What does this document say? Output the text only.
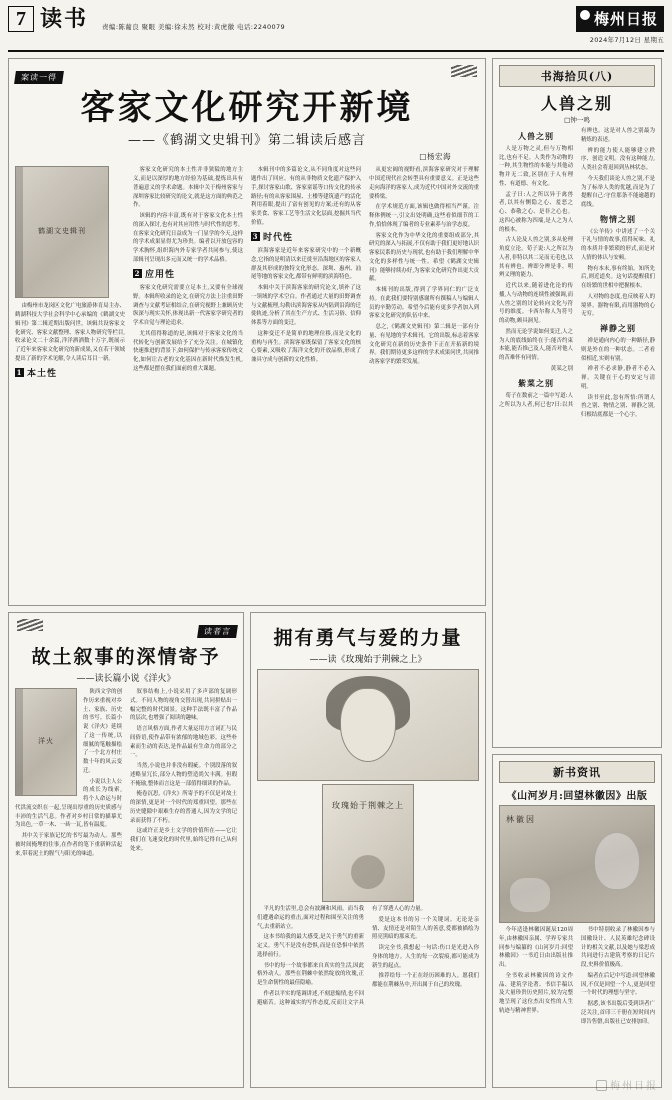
7 读书 责编:陈葡良 聚眼 美编:徐未然 校对:黄虎徽 电话:2240079	梅州日报
2024年7月12日 星期五
案读一得
客家文化研究开新境
——《鹤湖文史辑刊》第二辑读后感言
□杨宏海
鹤湖文史辑刊

由梅州市龙岗区文化广电旅游体育局主办、鹤湖科技大学社会科学中心承编的《鹤湖文史辑刊》第二辑近期出版问世。该辑共设客家文化研究、客家文献整理、客家人物研究等栏目,收录论文二十余篇,洋洋洒洒数十万字,既展示了近年来客家文化研究的新成果,又在若干领域提出了新的学术见解,令人读后耳目一新。

1 本土性

客家文化研究的本土性并非狭隘的地方主义,而是以深厚的地方经验为基础,提炼出具有普遍意义的学术命题。本辑中关于梅州客家与深圳客家比较研究的论文,就是这方面的典范之作。

该辑的内容丰富,既有对于客家文化本土性的深入探讨,也有对其应用性与时代性的思考。在客家文化研究日益成为一门显学的今天,这样的学术成果显得尤为珍贵。编者以开放包容的学术胸怀,组织海内外专家学者共同参与,使这部辑刊呈现出多元而又统一的学术品格。

2 应用性

客家文化研究需要立足本土,又要有全球视野。本辑所收录的论文,在研究方法上注重田野调查与文献考证相结合,在研究视野上兼顾历史纵深与现实关怀,体现出新一代客家学研究者的学术自觉与理论追求。

尤其值得称道的是,该辑对于客家文化的当代转化与创新发展给予了充分关注。在城镇化快速推进的背景下,如何保护与传承客家传统文化,如何让古老的文化基因在新时代焕发生机,这些都是摆在我们面前的重大课题。

本辑刊中的多篇论文,从不同角度对这些问题作出了回应。有的从非物质文化遗产保护入手,探讨客家山歌、客家童谣等口传文化的传承路径;有的从客家围屋、土楼等建筑遗产的活化利用着眼,提出了富有创见的方案;还有的从客家美食、客家工艺等生活文化层面,挖掘其当代价值。

3 时代性

滨海客家是近年来客家研究中的一个新概念,它指的是明清以来迁徙至沿海地区的客家人群及其形成的独特文化形态。深圳、惠州、汕尾等地的客家文化,都带有鲜明的滨海特色。

本辑中关于滨海客家的研究论文,填补了这一领域的学术空白。作者通过大量的田野调查与文献梳理,勾勒出滨海客家从内陆到沿海的迁徙轨迹,分析了其在生产方式、生活习俗、信仰体系等方面的变迁。

这种变迁不是简单的地理位移,而是文化的重构与再生。滨海客家既保留了客家文化的核心要素,又吸收了海洋文化的开放品格,形成了兼具守成与创新的文化性格。

从更宏阔的视野看,滨海客家研究对于理解中国近现代社会转型具有重要意义。正是这些走向海洋的客家人,成为近代中国对外交流的重要桥梁。

在学术规范方面,该辑也做得相当严谨。注释体例统一,引文出处明确,这些看似细节的工作,恰恰体现了编者的专业素养与治学态度。

客家文化作为中华文化的重要组成部分,其研究的深入与拓展,不仅有助于我们更好地认识客家民系的历史与现状,也有助于我们理解中华文化的多样性与统一性。希望《鹤湖文史辑刊》能够持续办好,为客家文化研究作出更大贡献。

本辑刊的出版,得到了学界同仁的广泛支持。在此我们要特别感谢所有撰稿人与编辑人员的辛勤劳动。希望今后能有更多学者加入到客家文化研究的队伍中来。

总之,《鹤湖文史辑刊》第二辑是一部有分量、有见地的学术辑刊。它的出版,标志着客家文化研究在新的历史条件下正在开拓新的境界。我们期待更多这样的学术成果问世,共同推动客家学的繁荣发展。

读者言
故土叙事的深情寄予
——读长篇小说《洋火》
洋火

陕西文学的创作历来重视对乡土、家族、历史的书写。长篇小说《洋火》延续了这一传统,以细腻的笔触描绘了一个北方村庄数十年的风云变迁。

小说以主人公的成长为线索,将个人命运与时代洪流交织在一起,呈现出厚重的历史质感与丰沛的生活气息。作者对乡村日常的描摹尤为出色,一草一木、一砖一瓦,皆有温度。

其中关于家族记忆的书写最为动人。那些被时间掩埋的往事,在作者的笔下重新鲜活起来,带着泥土的腥气与阳光的味道。

叙事结构上,小说采用了多声部的复调形式。不同人物的视角交替出现,共同拼贴出一幅完整的时代图景。这种手法既丰富了作品的层次,也增强了阅读的趣味。

语言风格方面,作者大量运用方言词汇与民间俗语,使作品带有浓郁的地域色彩。这些朴素而生动的表达,是作品最有生命力的部分之一。

当然,小说也并非没有瑕疵。个别段落的叙述略显冗长,部分人物的塑造尚欠丰满。但瑕不掩瑜,整体而言这是一部值得细读的作品。

掩卷沉思,《洋火》所寄予的不仅是对故土的深情,更是对一个时代的郑重回望。那些在历史缝隙中艰难生存的普通人,因为文学的记录而获得了不朽。

这或许正是乡土文学的价值所在——它让我们在飞速变化的时代里,始终记得自己从何处来。

拥有勇气与爱的力量
——读《玫瑰始于荆棘之上》
玫瑰始于荆棘之上

平凡的生活里,总会有波澜和风雨。而当我们遭遇命运的重击,面对过程和围至关注的勇气,去重新站立。

这本书给我的最大感受,是关于勇气的重新定义。勇气不是没有恐惧,而是在恐惧中依然选择前行。

书中的每一个故事都来自真实的生活,因此格外动人。那些在荆棘中依然绽放的玫瑰,正是生命韧性的最佳隐喻。

作者以平实的笔调讲述,不刻意煽情,也不回避痛苦。这种诚实的写作态度,反而让文字具有了穿透人心的力量。

爱是这本书的另一个关键词。无论是亲情、友情还是对陌生人的善意,爱都被描绘为照亮黑暗的那束光。

读完全书,我想起一句话:伤口是光进入你身体的地方。人生的每一次裂痕,都可能成为新生的起点。

推荐给每一个正在经历困难的人。愿我们都能在荆棘丛中,开出属于自己的玫瑰。

书海拾贝(八)
人兽之别
□钟一鸣
人兽之别

人是万物之灵,但与万物相比,也有不足。人类作为动物的一种,其生物性的本能与其他动物并无二致,区别在于人有理性、有道德、有文化。

孟子曰:人之所以异于禽兽者,以其有恻隐之心、羞恶之心、恭敬之心、是非之心也。这四心被称为四端,是人之为人的根本。

古人论及人兽之别,多从伦理角度立论。荀子说:人之所以为人者,非特以其二足而无毛也,以其有辨也。辨即分辨是非、明辨义理的能力。

近代以来,随着进化论的传播,人与动物的连续性被强调,而人兽之别的讨论转向文化与符号的维度。卡西尔称人为符号的动物,颇具洞见。

然而无论学说如何变迁,人之为人的底线始终在于:能否约束本能,能否推己及人,能否对他人的苦难怀有同情。

黄某之别
紫菜之别

荀子在数前之一篇中写道:人之所以为人者,何已也?曰:以其有辨也。这是对人兽之别最为精炼的表述。

辨的能力使人能够建立秩序、创造文明。没有这种能力,人类社会将退回到丛林状态。

今天我们谈论人兽之别,不是为了标举人类的优越,而是为了提醒自己:守住那条不能逾越的底线。

物情之别

《公羊传》中讲述了一个关于礼与情的故事,值得玩味。礼的本质并非繁琐的形式,而是对人情的体认与安顿。

物有本末,事有终始。知所先后,则近道矣。这句话提醒我们在纷繁的世相中把握根本。

人对物的态度,也反映着人的境界。器物有限,而用器物的心无穷。

禅静之别

禅是通向内心的一种路径,静则是外在的一种状态。二者看似相近,实则有别。

禅者不必求静,静者不必入禅。关键在于心的安定与清明。

读书至此,忽有所悟:所谓人兽之别、物情之别、禅静之别,归根结底都是一个心字。

新书资讯
《山河岁月:回望林徽因》出版
林徽因

今年适逢林徽因诞辰120周年,由林徽因亲属、学界专家共同参与编纂的《山河岁月:回望林徽因》一书近日由出版社推出。

全书收录林徽因的诗文作品、建筑学论著、书信手稿以及大量珍贵历史照片,较为完整地呈现了这位杰出女性的人生轨迹与精神世界。

书中特别收录了林徽因参与国徽设计、人民英雄纪念碑设计的相关文献,以及她与梁思成共同进行古建筑考察的日记片段,史料价值极高。

编者在后记中写道:回望林徽因,不仅是回望一个人,更是回望一个时代的理想与坚守。

据悉,该书出版后受到读者广泛关注,首印三千册在短时间内即告售罄,出版社已安排加印。

梅州日报
